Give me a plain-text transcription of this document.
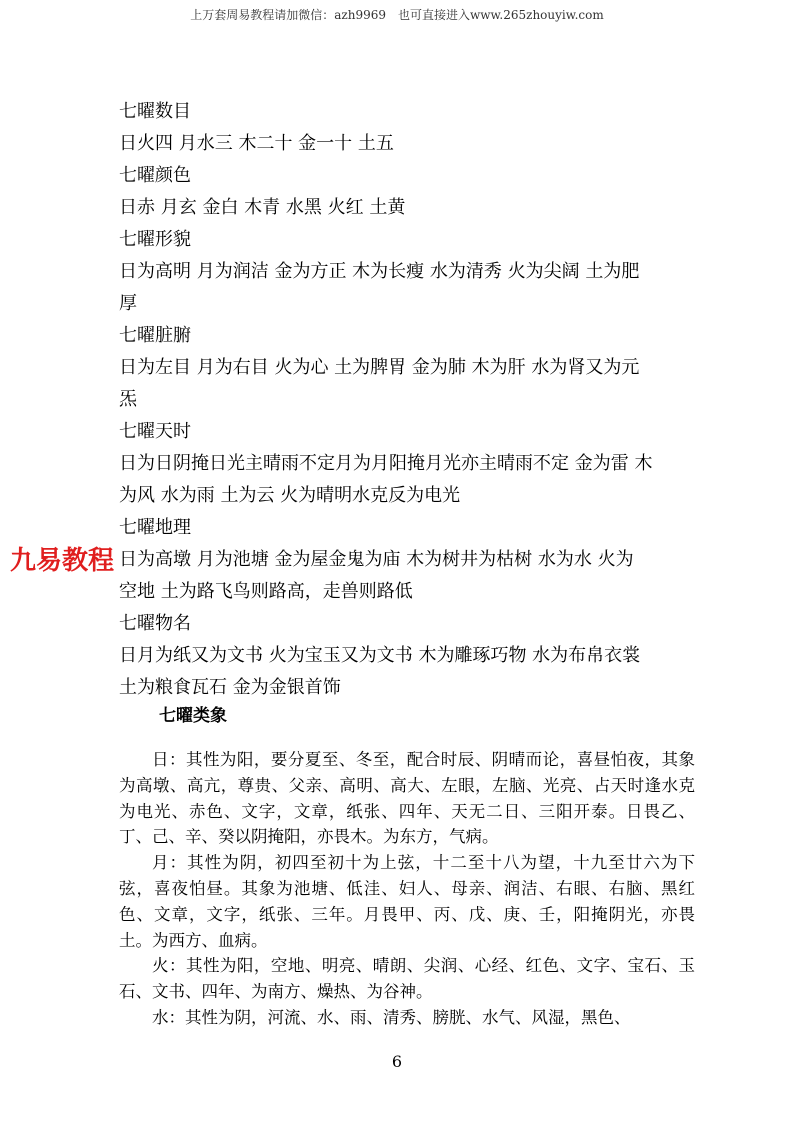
上万套周易教程请加微信：azh9969　也可直接进入www.265zhouyiw.com
七曜数目
日火四 月水三 木二十 金一十 土五
七曜颜色
日赤 月玄 金白 木青 水黑 火红 土黄
七曜形貌
日为高明 月为润洁 金为方正 木为长瘦 水为清秀 火为尖阔 土为肥
厚
七曜脏腑
日为左目 月为右目 火为心 土为脾胃 金为肺 木为肝 水为肾又为元
炁
七曜天时
日为日阴掩日光主晴雨不定月为月阳掩月光亦主晴雨不定 金为雷 木
为风 水为雨 土为云 火为晴明水克反为电光
七曜地理
日为高墩 月为池塘 金为屋金鬼为庙 木为树井为枯树 水为水 火为
空地 土为路飞鸟则路高，走兽则路低
七曜物名
日月为纸又为文书 火为宝玉又为文书 木为雕琢巧物 水为布帛衣裳
土为粮食瓦石 金为金银首饰
七曜类象
九易教程

日：其性为阳，要分夏至、冬至，配合时辰、阴晴而论，喜昼怕夜，其象为高墩、高亢，尊贵、父亲、高明、高大、左眼，左脑、光亮、占天时逢水克为电光、赤色、文字，文章，纸张、四年、天无二日、三阳开泰。日畏乙、丁、己、辛、癸以阴掩阳，亦畏木。为东方，气病。

月：其性为阴，初四至初十为上弦，十二至十八为望，十九至廿六为下弦，喜夜怕昼。其象为池塘、低洼、妇人、母亲、润洁、右眼、右脑、黑红色、文章，文字，纸张、三年。月畏甲、丙、戊、庚、壬，阳掩阴光，亦畏土。为西方、血病。

火：其性为阳，空地、明亮、晴朗、尖润、心经、红色、文字、宝石、玉石、文书、四年、为南方、燥热、为谷神。

水：其性为阴，河流、水、雨、清秀、膀胱、水气、风湿，黑色、

6
